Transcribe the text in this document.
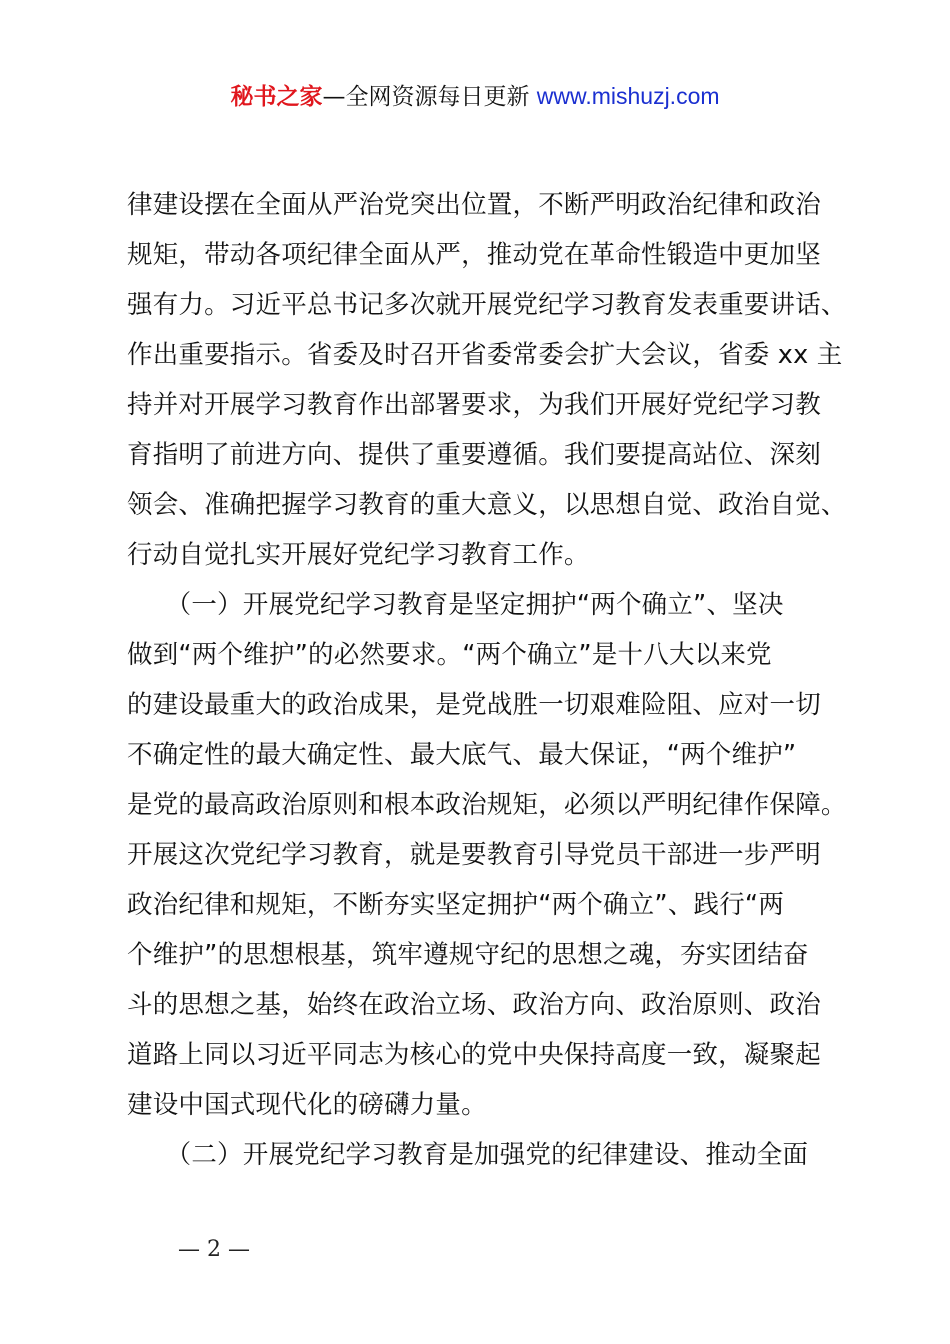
秘书之家—全网资源每日更新 www.mishuzj.com
律建设摆在全面从严治党突出位置，不断严明政治纪律和政治
规矩，带动各项纪律全面从严，推动党在革命性锻造中更加坚
强有力。习近平总书记多次就开展党纪学习教育发表重要讲话、
作出重要指示。省委及时召开省委常委会扩大会议，省委 xx 主
持并对开展学习教育作出部署要求，为我们开展好党纪学习教
育指明了前进方向、提供了重要遵循。我们要提高站位、深刻
领会、准确把握学习教育的重大意义，以思想自觉、政治自觉、
行动自觉扎实开展好党纪学习教育工作。
　　（一）开展党纪学习教育是坚定拥护“两个确立”、坚决
做到“两个维护”的必然要求。“两个确立”是十八大以来党
的建设最重大的政治成果，是党战胜一切艰难险阻、应对一切
不确定性的最大确定性、最大底气、最大保证，“两个维护”
是党的最高政治原则和根本政治规矩，必须以严明纪律作保障。
开展这次党纪学习教育，就是要教育引导党员干部进一步严明
政治纪律和规矩，不断夯实坚定拥护“两个确立”、践行“两
个维护”的思想根基，筑牢遵规守纪的思想之魂，夯实团结奋
斗的思想之基，始终在政治立场、政治方向、政治原则、政治
道路上同以习近平同志为核心的党中央保持高度一致，凝聚起
建设中国式现代化的磅礴力量。
　　（二）开展党纪学习教育是加强党的纪律建设、推动全面
— 2 —
